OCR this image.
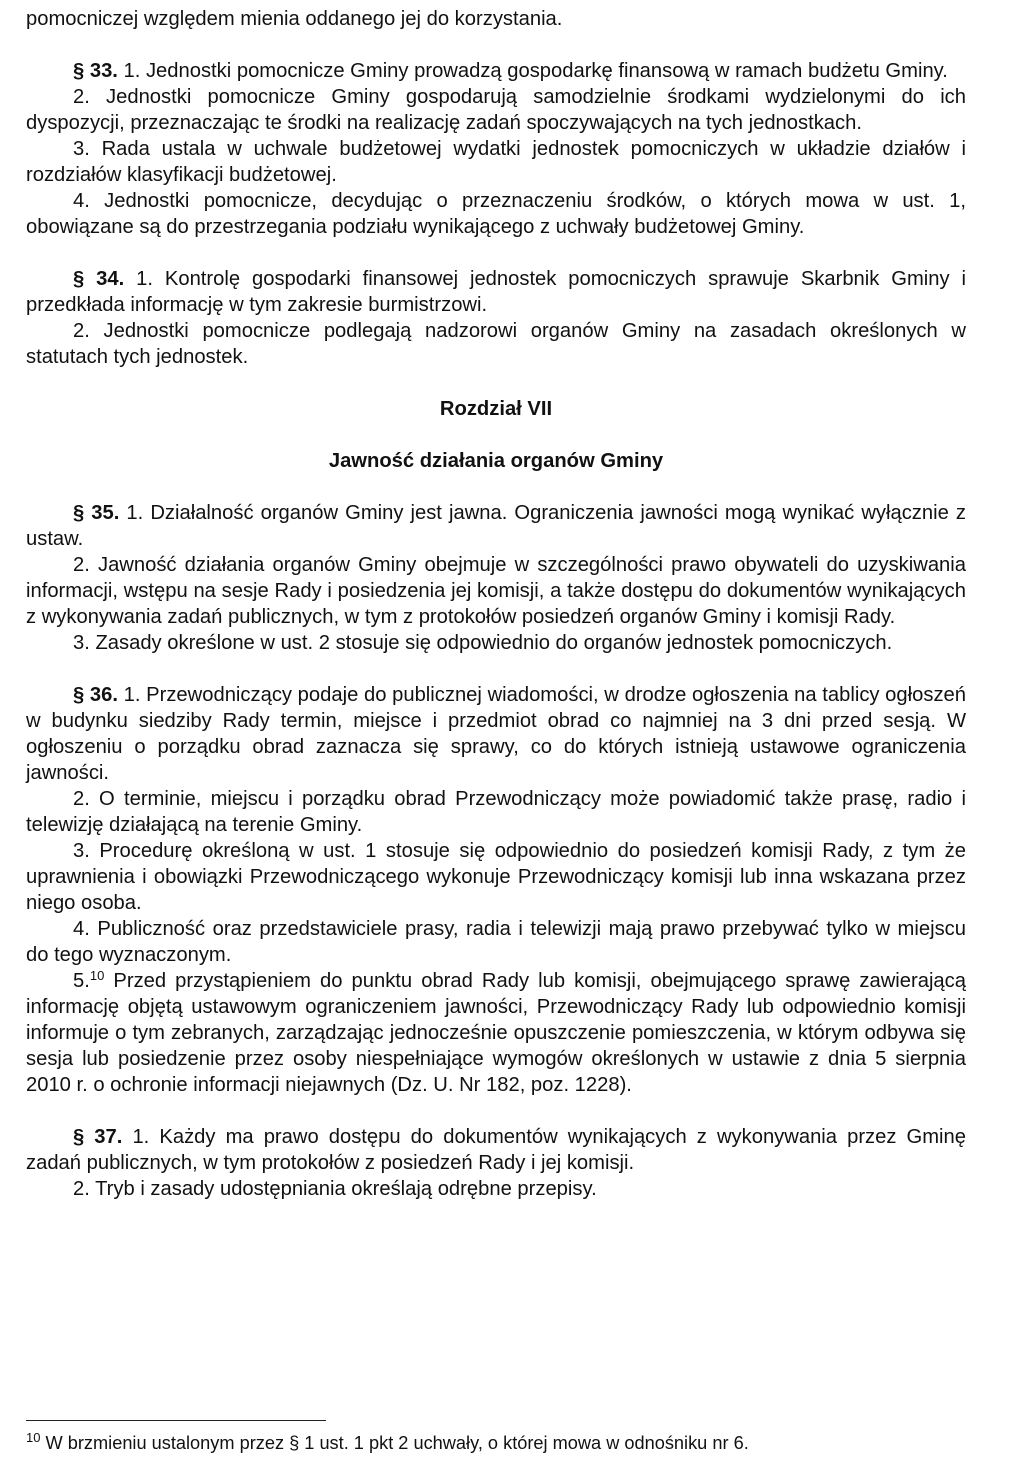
pomocniczej względem mienia oddanego jej do korzystania.

§ 33. 1. Jednostki pomocnicze Gminy prowadzą gospodarkę finansową w ramach budżetu Gminy.

2. Jednostki pomocnicze Gminy gospodarują samodzielnie środkami wydzielonymi do ich dyspozycji, przeznaczając te środki na realizację zadań spoczywających na tych jednostkach.

3. Rada ustala w uchwale budżetowej wydatki jednostek pomocniczych w układzie działów i rozdziałów klasyfikacji budżetowej.

4. Jednostki pomocnicze, decydując o przeznaczeniu środków, o których mowa w ust. 1, obowiązane są do przestrzegania podziału wynikającego z uchwały budżetowej Gminy.

§ 34. 1. Kontrolę gospodarki finansowej jednostek pomocniczych sprawuje Skarbnik Gminy i przedkłada informację w tym zakresie burmistrzowi.

2. Jednostki pomocnicze podlegają nadzorowi organów Gminy na zasadach określonych w statutach tych jednostek.

Rozdział VII
Jawność działania organów Gminy

§ 35. 1. Działalność organów Gminy jest jawna. Ograniczenia jawności mogą wynikać wyłącznie z ustaw.

2. Jawność działania organów Gminy obejmuje w szczególności prawo obywateli do uzyskiwania informacji, wstępu na sesje Rady i posiedzenia jej komisji, a także dostępu do dokumentów wynikających z wykonywania zadań publicznych, w tym z protokołów posiedzeń organów Gminy i komisji Rady.

3. Zasady określone w ust. 2 stosuje się odpowiednio do organów jednostek pomocniczych.

§ 36. 1. Przewodniczący podaje do publicznej wiadomości, w drodze ogłoszenia na tablicy ogłoszeń w budynku siedziby Rady termin, miejsce i przedmiot obrad co najmniej na 3 dni przed sesją. W ogłoszeniu o porządku obrad zaznacza się sprawy, co do których istnieją ustawowe ograniczenia jawności.

2. O terminie, miejscu i porządku obrad Przewodniczący może powiadomić także prasę, radio i telewizję działającą na terenie Gminy.

3. Procedurę określoną w ust. 1 stosuje się odpowiednio do posiedzeń komisji Rady, z tym że uprawnienia i obowiązki Przewodniczącego wykonuje Przewodniczący komisji lub inna wskazana przez niego osoba.

4. Publiczność oraz przedstawiciele prasy, radia i telewizji mają prawo przebywać tylko w miejscu do tego wyznaczonym.

5.10 Przed przystąpieniem do punktu obrad Rady lub komisji, obejmującego sprawę zawierającą informację objętą ustawowym ograniczeniem jawności, Przewodniczący Rady lub odpowiednio komisji informuje o tym zebranych, zarządzając jednocześnie opuszczenie pomieszczenia, w którym odbywa się sesja lub posiedzenie przez osoby niespełniające wymogów określonych w ustawie z dnia 5 sierpnia 2010 r. o ochronie informacji niejawnych (Dz. U. Nr 182, poz. 1228).

§ 37. 1. Każdy ma prawo dostępu do dokumentów wynikających z wykonywania przez Gminę zadań publicznych, w tym protokołów z posiedzeń Rady i jej komisji.

2. Tryb i zasady udostępniania określają odrębne przepisy.

$^{10}$ W brzmieniu ustalonym przez § 1 ust. 1 pkt 2 uchwały, o której mowa w odnośniku nr 6.
